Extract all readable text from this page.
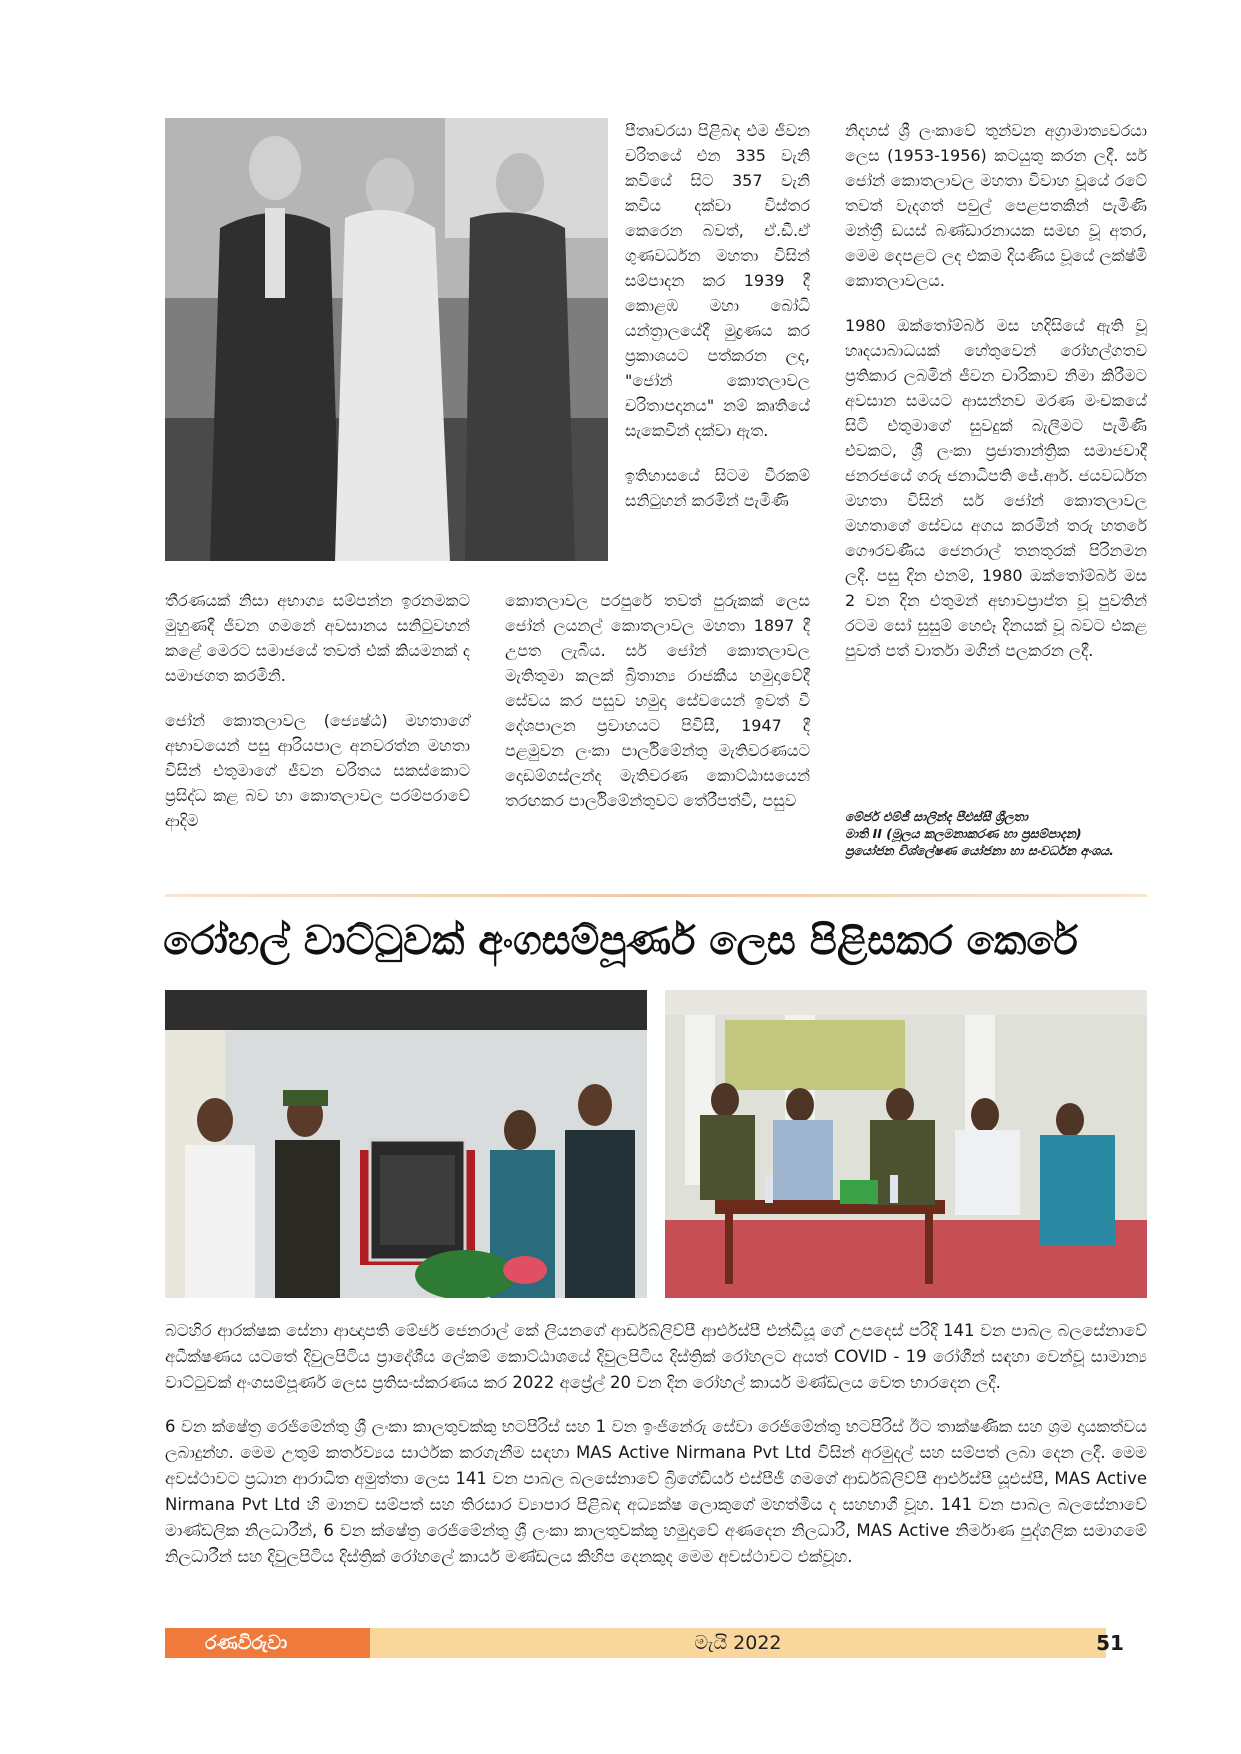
තීරණයක් නිසා අභාග්‍ය සම්පන්න ඉරනමකට මුහුණදී ජීවන ගමනේ අවසානය සනිටුවහන් කළේ මෙරට සමාජයේ තවත් එක් කියමනක් ද සමාජගත කරමිනි.

ජෝන් කොතලාවල (ජ්‍යෙෂ්ඨ) මහතාගේ අභාවයෙන් පසු ආරියපාල අනවරත්න මහතා විසින් එතුමාගේ ජීවන චරිතය සකස්කොට ප්‍රසිද්ධ කළ බව හා කොතලාවල පරම්පරාවේ ආදිම

පීතෘවරයා පිළිබඳ එම ජීවන චරිතයේ එන 335 වැනි කවියේ සිට 357 වැනි කවිය දක්වා විස්තර කෙරෙන බවත්, ඒ.ඩී.ඒ ගුණවර්ධන මහතා විසින් සම්පාදන කර 1939 දී කොළඹ මහා බෝධි යන්ත්‍රාලයේදී මුද්‍රණය කර ප්‍රකාශයට පත්කරන ලද, "ජෝන් කොතලාවල චරිතාපදානය" නම් කෘතියේ සැකෙවින් දක්වා ඇත.

ඉතිහාසයේ සිටම වීරකම් සනිටුහන් කරමින් පැමිණි

කොතලාවල පරපුරේ තවත් පුරුකක් ලෙස ජෝන් ලයනල් කොතලාවල මහතා 1897 දී උපත ලැබීය. සර් ජෝන් කොතලාවල මැතිතුමා කලක් බ්‍රිතාන්‍ය රාජකීය හමුදාවේදී සේවය කර පසුව හමුදා සේවයෙන් ඉවත් වී දේශපාලන ප්‍රවාහයට පිවිසී, 1947 දී පළමුවන ලංකා පාර්ලිමේන්තු මැතිවරණයට දොඩම්ගස්ලන්ද මැතිවරණ කොට්ඨාසයෙන් තරඟකර පාර්ලිමේන්තුවට තේරීපත්වී, පසුව

නිදහස් ශ්‍රී ලංකාවේ තුන්වන අග්‍රාමාත්‍යවරයා ලෙස (1953-1956) කටයුතු කරන ලදී. සර් ජෝන් කොතලාවල මහතා විවාහ වූයේ රටේ තවත් වැදගත් පවුල් පෙළපතකින් පැමිණි මන්ත්‍රී ඩයස් බණ්ඩාරනායක සමඟ වූ අතර, මෙම දෙපළට ලද එකම දියණිය වූයේ ලක්ෂ්මි කොතලාවලය.

1980 ඔක්තෝම්බර් මස හදිසියේ ඇති වූ හෘදයාබාධයක් හේතුවෙන් රෝහල්ගතව ප්‍රතිකාර ලබමින් ජීවන චාරිකාව නිමා කිරීමට අවසාන සමයට ආසන්නව මරණ මංචකයේ සිටි එතුමාගේ සුවදුක් බැලීමට පැමිණි එවකට, ශ්‍රී ලංකා ප්‍රජාතාන්ත්‍රික සමාජවාදී ජනරජයේ ගරු ජනාධිපති ජේ.ආර්. ජයවර්ධන මහතා විසින් සර් ජෝන් කොතලාවල මහතාගේ සේවය අගය කරමින් තරු හතරේ ගෞරවණීය ජෙනරාල් තනතුරක් පිරිනමන ලදී. පසු දින එනම්, 1980 ඔක්තෝම්බර් මස 2 වන දින එතුමන් අභාවප්‍රාප්ත වූ පුවතින් රටම සෝ සුසුම් හෙළූ දිනයක් වූ බවට එකළ පුවත් පත් වාර්තා මගින් පලකරන ලදී.

මේජර් එම්ජී සාලින්ද පීඑස්සී ශ්‍රීලතා
මාති II (මූලය කලමනාකරණ හා ප්‍රසම්පාදන)
ප්‍රයෝජන විශ්ලේෂණ යෝජනා හා සංවර්ධන අංශය.
රෝහල් වාට්ටුවක් අංගසම්පූර්ණ ලෙස පිළිසකර කෙරේ

බටහිර ආරක්ෂක සේනා ආඥාපති මේජර් ජෙනරාල් කේ ලියනගේ ආර්ඩබ්ලිව්පී ආර්එස්පී එන්ඩීයූ ගේ උපදෙස් පරිදි 141 වන පාබල බලසේනාවේ අධීක්ෂණය යටතේ දිවුලපිටිය ප්‍රාදේශීය ලේකම් කොට්ඨාශයේ දිවුලපිටිය දිස්ත්‍රික් රෝහලට අයත් COVID - 19 රෝගීන් සඳහා වෙන්වූ සාමාන්‍ය වාට්ටුවක් අංගසම්පූර්ණ ලෙස ප්‍රතිසංස්කරණය කර 2022 අප්‍රේල් 20 වන දින රෝහල් කාර්ය මණ්ඩලය වෙත භාරදෙන ලදී.

6 වන ක්ෂේත්‍ර රෙජිමේන්තු ශ්‍රී ලංකා කාලතුවක්කු භටපිරිස් සහ 1 වන ඉංජිනේරු සේවා රෙජිමේන්තු භටපිරිස් ඊට තාක්ෂණික සහ ශ්‍රම දායකත්වය ලබාදුන්හ. මෙම උතුම් කර්තව්‍යය සාර්ථක කරගැනීම සඳහා MAS Active Nirmana Pvt Ltd විසින් අරමුදල් සහ සම්පත් ලබා දෙන ලදී. මෙම අවස්ථාවට ප්‍රධාන ආරාධිත අමුත්තා ලෙස 141 වන පාබල බලසේනාවේ බ්‍රිගේඩියර් එස්පීජී ගමගේ ආර්ඩබ්ලිව්පී ආර්එස්පී යූඑස්පී, MAS Active Nirmana Pvt Ltd හි මානව සම්පත් සහ තිරසාර ව්‍යාපාර පිළිබඳ අධ්‍යක්ෂ ලොකුගේ මහත්මිය ද සහභාගී වූහ. 141 වන පාබල බලසේනාවේ මාණ්ඩලික නිලධාරීන්, 6 වන ක්ෂේත්‍ර රෙජිමේන්තු ශ්‍රී ලංකා කාලතුවක්කු හමුදාවේ අණදෙන නිලධාරී, MAS Active නිර්මාණ පුද්ගලික සමාගමේ නිලධාරීන් සහ දිවුලපිටිය දිස්ත්‍රික් රෝහලේ කාර්ය මණ්ඩලය කිහිප දෙනකුද මෙම අවස්ථාවට එක්වූහ.

රණවිරුවා	මැයි 2022	51
